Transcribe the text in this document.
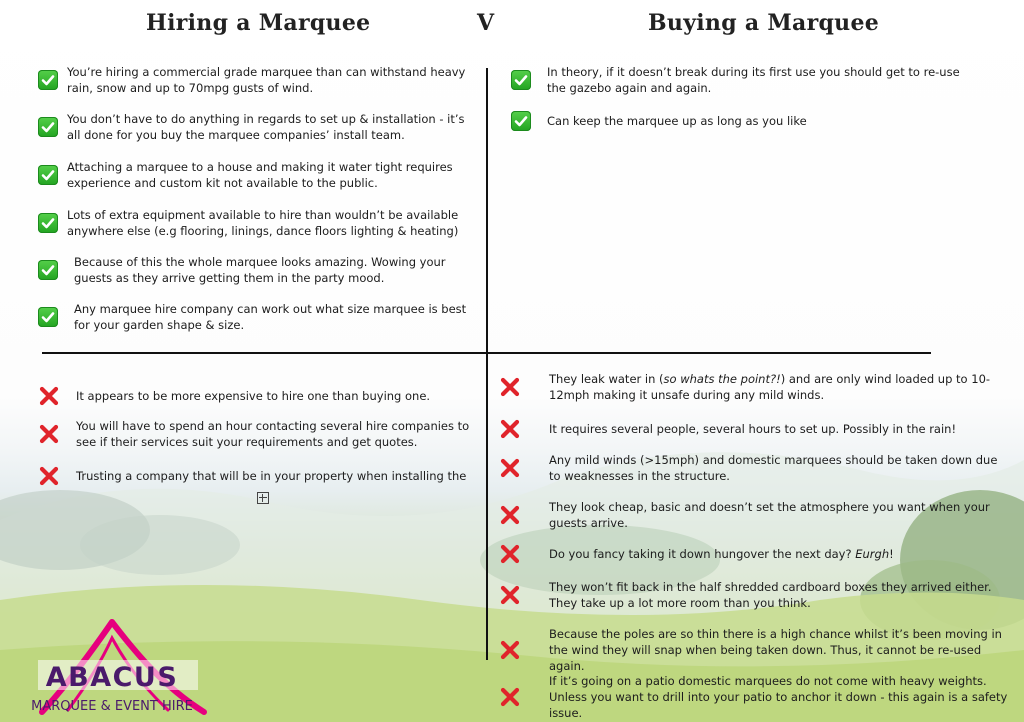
Hiring a Marquee	V	Buying a Marquee
You’re hiring a commercial grade marquee than can withstand heavy rain, snow and up to 70mpg gusts of wind.
You don’t have to do anything in regards to set up & installation - it’s all done for you buy the marquee companies’ install team.
Attaching a marquee to a house and making it water tight requires experience and custom kit not available to the public.
Lots of extra equipment available to hire than wouldn’t be available anywhere else (e.g flooring, linings, dance floors lighting & heating)
Because of this the whole marquee looks amazing. Wowing your guests as they arrive getting them in the party mood.
Any marquee hire company can work out what size marquee is best for your garden shape & size.
In theory, if it doesn’t break during its first use you should get to re-use the gazebo again and again.
Can keep the marquee up as long as you like
It appears to be more expensive to hire one than buying one.
You will have to spend an hour contacting several hire companies to see if their services suit your requirements and get quotes.
Trusting a company that will be in your property when installing the
They leak water in (so whats the point?!) and are only wind loaded up to 10-12mph making it unsafe during any mild winds.
It requires several people, several hours to set up. Possibly in the rain!
Any mild winds (>15mph) and domestic marquees should be taken down due to weaknesses in the structure.
They look cheap, basic and doesn’t set the atmosphere you want when your guests arrive.
Do you fancy taking it down hungover the next day? Eurgh!
They won’t fit back in the half shredded cardboard boxes they arrived either. They take up a lot more room than you think.
Because the poles are so thin there is a high chance whilst it’s been moving in the wind they will snap when being taken down. Thus, it cannot be re-used again.
If it’s going on a patio domestic marquees do not come with heavy weights. Unless you want to drill into your patio to anchor it down - this again is a safety issue.
ABACUS
MARQUEE & EVENT HIRE
